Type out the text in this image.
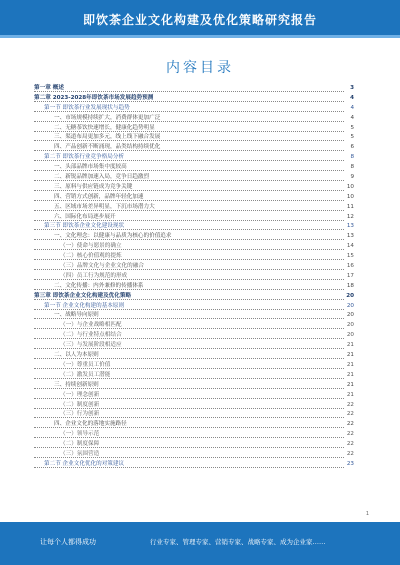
即饮茶企业文化构建及优化策略研究报告
内容目录
第一章 概述	3
第二章 2023-2028年即饮茶市场发展趋势预测	4
第一节 即饮茶行业发展现状与趋势	4
一、市场规模持续扩大，消费群体更加广泛	4
二、无糖茶饮快速增长，健康化趋势明显	5
三、渠道布局更加多元，线上线下融合发展	5
四、产品创新不断涌现，品类结构持续优化	6
第二节 即饮茶行业竞争格局分析	8
一、头部品牌市场集中度较高	8
二、新锐品牌加速入局，竞争日趋激烈	9
三、原料与供应链成为竞争关键	10
四、营销方式创新，品牌年轻化加速	10
五、区域市场差异明显，下沉市场潜力大	11
六、国际化布局逐步展开	12
第三节 即饮茶企业文化建设现状	13
一、文化理念：以健康与品质为核心的价值追求	13
（一）使命与愿景的确立	14
（二）核心价值观的提炼	15
（三）品牌文化与企业文化的融合	16
（四）员工行为规范的形成	17
二、文化传播：内外兼修的传播体系	18
第三章 即饮茶企业文化构建及优化策略	20
第一节 企业文化构建的基本原则	20
一、战略导向原则	20
（一）与企业战略相匹配	20
（二）与行业特点相结合	20
（三）与发展阶段相适应	21
二、以人为本原则	21
（一）尊重员工价值	21
（二）激发员工潜能	21
三、持续创新原则	21
（一）理念创新	21
（二）制度创新	22
（三）行为创新	22
四、企业文化的落地实施路径	22
（一）领导示范	22
（二）制度保障	22
（三）氛围营造	22
第二节 企业文化优化的对策建议	23
1
让每个人都得成功	行业专家、管理专家、营销专家、战略专家、成为企业家……
